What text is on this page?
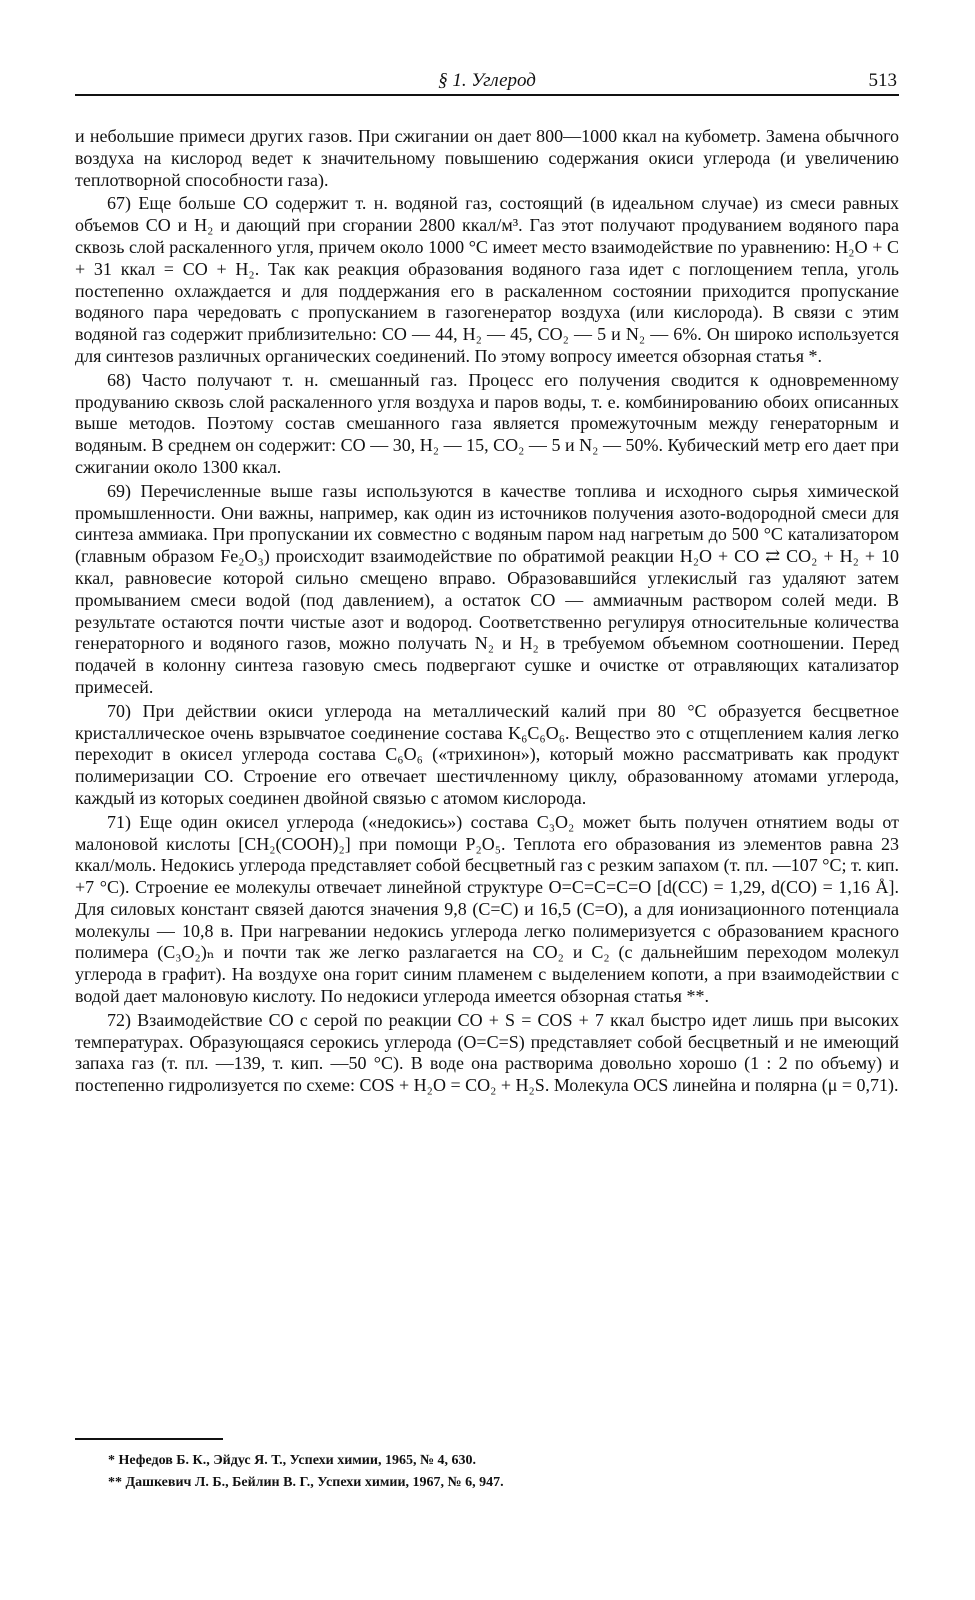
§ 1. Углерод	513

и небольшие примеси других газов. При сжигании он дает 800—1000 ккал на кубометр. Замена обычного воздуха на кислород ведет к значительному повышению содержания окиси углерода (и увеличению теплотворной способности газа).

67) Еще больше CO содержит т. н. водяной газ, состоящий (в идеальном случае) из смеси равных объемов CO и H₂ и дающий при сгорании 2800 ккал/м³. Газ этот получают продуванием водяного пара сквозь слой раскаленного угля, причем около 1000 °C имеет место взаимодействие по уравнению: H₂O + C + 31 ккал = CO + H₂. Так как реакция образования водяного газа идет с поглощением тепла, уголь постепенно охлаждается и для поддержания его в раскаленном состоянии приходится пропускание водяного пара чередовать с пропусканием в газогенератор воздуха (или кислорода). В связи с этим водяной газ содержит приблизительно: CO — 44, H₂ — 45, CO₂ — 5 и N₂ — 6%. Он широко используется для синтезов различных органических соединений. По этому вопросу имеется обзорная статья *.

68) Часто получают т. н. смешанный газ. Процесс его получения сводится к одновременному продуванию сквозь слой раскаленного угля воздуха и паров воды, т. е. комбинированию обоих описанных выше методов. Поэтому состав смешанного газа является промежуточным между генераторным и водяным. В среднем он содержит: CO — 30, H₂ — 15, CO₂ — 5 и N₂ — 50%. Кубический метр его дает при сжигании около 1300 ккал.

69) Перечисленные выше газы используются в качестве топлива и исходного сырья химической промышленности. Они важны, например, как один из источников получения азото-водородной смеси для синтеза аммиака. При пропускании их совместно с водяным паром над нагретым до 500 °C катализатором (главным образом Fe₂O₃) происходит взаимодействие по обратимой реакции H₂O + CO ⇄ CO₂ + H₂ + 10 ккал, равновесие которой сильно смещено вправо. Образовавшийся углекислый газ удаляют затем промыванием смеси водой (под давлением), а остаток CO — аммиачным раствором солей меди. В результате остаются почти чистые азот и водород. Соответственно регулируя относительные количества генераторного и водяного газов, можно получать N₂ и H₂ в требуемом объемном соотношении. Перед подачей в колонну синтеза газовую смесь подвергают сушке и очистке от отравляющих катализатор примесей.

70) При действии окиси углерода на металлический калий при 80 °C образуется бесцветное кристаллическое очень взрывчатое соединение состава K₆C₆O₆. Вещество это с отщеплением калия легко переходит в окисел углерода состава C₆O₆ («трихинон»), который можно рассматривать как продукт полимеризации CO. Строение его отвечает шестичленному циклу, образованному атомами углерода, каждый из которых соединен двойной связью с атомом кислорода.

71) Еще один окисел углерода («недокись») состава C₃O₂ может быть получен отнятием воды от малоновой кислоты [CH₂(COOH)₂] при помощи P₂O₅. Теплота его образования из элементов равна 23 ккал/моль. Недокись углерода представляет собой бесцветный газ с резким запахом (т. пл. —107 °C; т. кип. +7 °C). Строение ее молекулы отвечает линейной структуре O=C=C=C=O [d(CC) = 1,29, d(CO) = 1,16 Å]. Для силовых констант связей даются значения 9,8 (C=C) и 16,5 (C=O), а для ионизационного потенциала молекулы — 10,8 в. При нагревании недокись углерода легко полимеризуется с образованием красного полимера (C₃O₂)ₙ и почти так же легко разлагается на CO₂ и C₂ (с дальнейшим переходом молекул углерода в графит). На воздухе она горит синим пламенем с выделением копоти, а при взаимодействии с водой дает малоновую кислоту. По недокиси углерода имеется обзорная статья **.

72) Взаимодействие CO с серой по реакции CO + S = COS + 7 ккал быстро идет лишь при высоких температурах. Образующаяся серокись углерода (O=C=S) представляет собой бесцветный и не имеющий запаха газ (т. пл. —139, т. кип. —50 °C). В воде она растворима довольно хорошо (1 : 2 по объему) и постепенно гидролизуется по схеме: COS + H₂O = CO₂ + H₂S. Молекула OCS линейна и полярна (μ = 0,71).

* Нефедов Б. К., Эйдус Я. Т., Успехи химии, 1965, № 4, 630.
** Дашкевич Л. Б., Бейлин В. Г., Успехи химии, 1967, № 6, 947.
